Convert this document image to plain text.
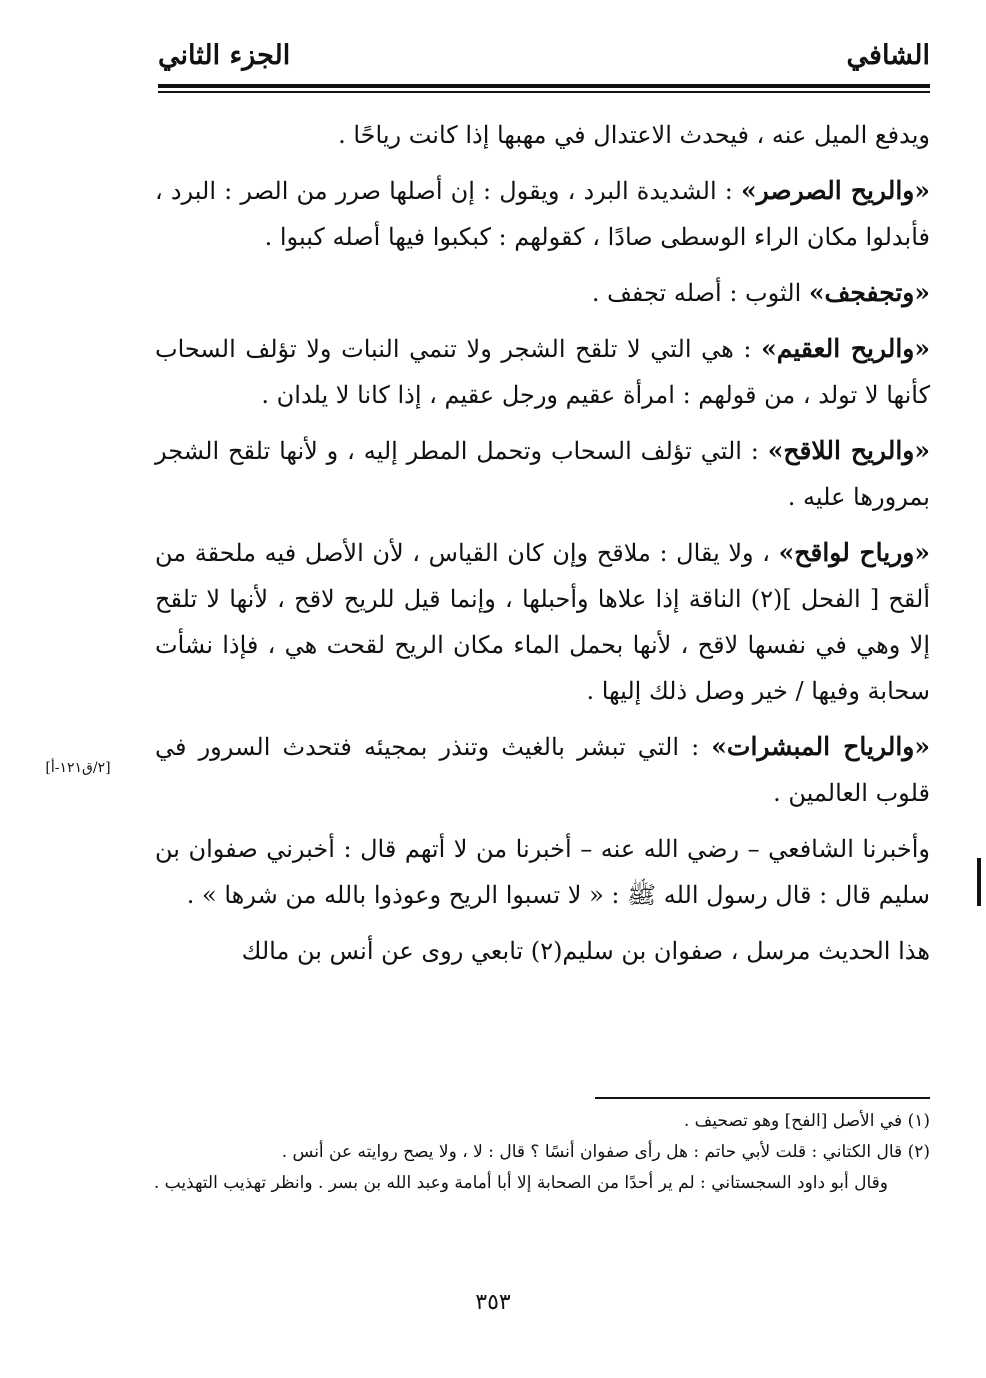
الشافي
الجزء الثاني

ويدفع الميل عنه ، فيحدث الاعتدال في مهبها إذا كانت رياحًا .

«والريح الصرصر» : الشديدة البرد ، ويقول : إن أصلها صرر من الصر : البرد ، فأبدلوا مكان الراء الوسطى صادًا ، كقولهم : كبكبوا فيها أصله كببوا .

«وتجفجف» الثوب : أصله تجفف .

«والريح العقيم» : هي التي لا تلقح الشجر ولا تنمي النبات ولا تؤلف السحاب كأنها لا تولد ، من قولهم : امرأة عقيم ورجل عقيم ، إذا كانا لا يلدان .

«والريح اللاقح» : التي تؤلف السحاب وتحمل المطر إليه ، و لأنها تلقح الشجر بمرورها عليه .

«ورياح لواقح» ، ولا يقال : ملاقح وإن كان القياس ، لأن الأصل فيه ملحقة من ألقح [ الفحل ](٢) الناقة إذا علاها وأحبلها ، وإنما قيل للريح لاقح ، لأنها لا تلقح إلا وهي في نفسها لاقح ، لأنها بحمل الماء مكان الريح لقحت هي ، فإذا نشأت سحابة وفيها / خير وصل ذلك إليها .

«والرياح المبشرات» : التي تبشر بالغيث وتنذر بمجيئه فتحدث السرور في قلوب العالمين .

وأخبرنا الشافعي – رضي الله عنه – أخبرنا من لا أتهم قال : أخبرني صفوان بن سليم قال : قال رسول الله ﷺ : « لا تسبوا الريح وعوذوا بالله من شرها » .

هذا الحديث مرسل ، صفوان بن سليم(٢) تابعي روى عن أنس بن مالك

[٢/ق١٢١-أ]

(١) في الأصل [الفح] وهو تصحيف .

(٢) قال الكتاني : قلت لأبي حاتم : هل رأى صفوان أنسًا ؟ قال : لا ، ولا يصح روايته عن أنس .

وقال أبو داود السجستاني : لم ير أحدًا من الصحابة إلا أبا أمامة وعبد الله بن بسر . وانظر تهذيب التهذيب .

٣٥٣
